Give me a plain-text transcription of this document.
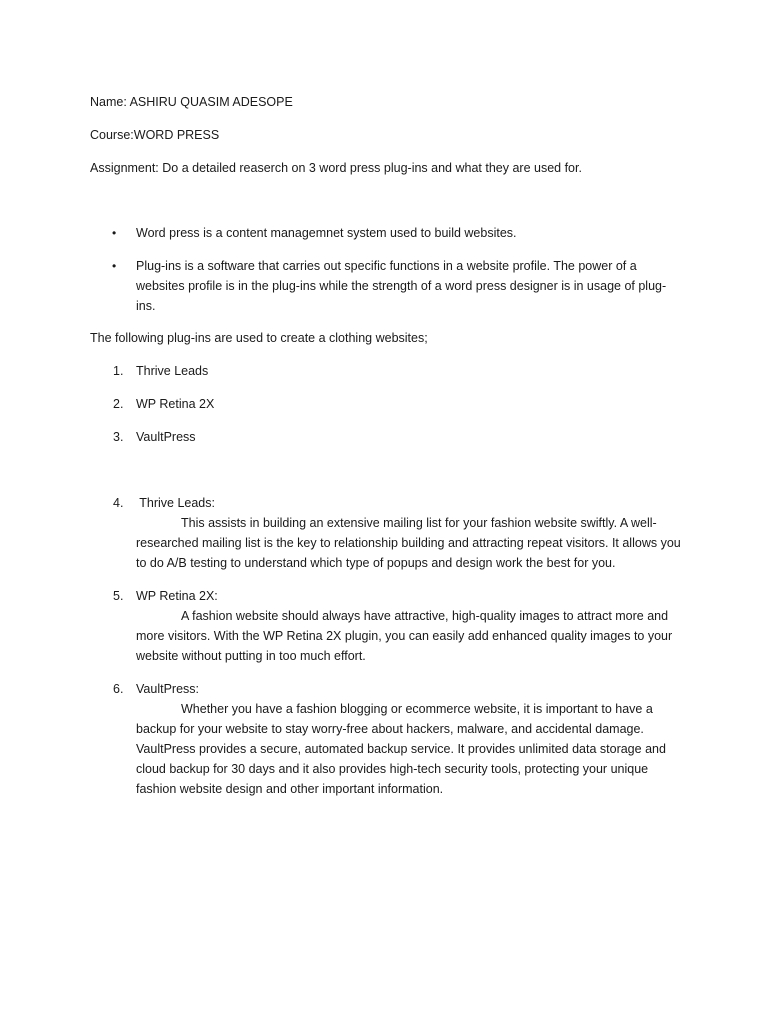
Name: ASHIRU QUASIM ADESOPE
Course:WORD PRESS
Assignment: Do a detailed reaserch on 3 word press plug-ins and what they are used for.
•	Word press is a content managemnet system used to build websites.
•	Plug-ins is a software that carries out specific functions in a website profile. The power of a websites profile is in the plug-ins while the strength of a word press designer is in usage of plug-ins.
The following plug-ins are used to create a clothing websites;
1. Thrive Leads
2. WP Retina 2X
3. VaultPress
4. Thrive Leads:
This assists in building an extensive mailing list for your fashion website swiftly. A well-researched mailing list is the key to relationship building and attracting repeat visitors. It allows you to do A/B testing to understand which type of popups and design work the best for you.
5. WP Retina 2X:
A fashion website should always have attractive, high-quality images to attract more and more visitors. With the WP Retina 2X plugin, you can easily add enhanced quality images to your website without putting in too much effort.
6. VaultPress:
Whether you have a fashion blogging or ecommerce website, it is important to have a backup for your website to stay worry-free about hackers, malware, and accidental damage. VaultPress provides a secure, automated backup service. It provides unlimited data storage and cloud backup for 30 days and it also provides high-tech security tools, protecting your unique fashion website design and other important information.
